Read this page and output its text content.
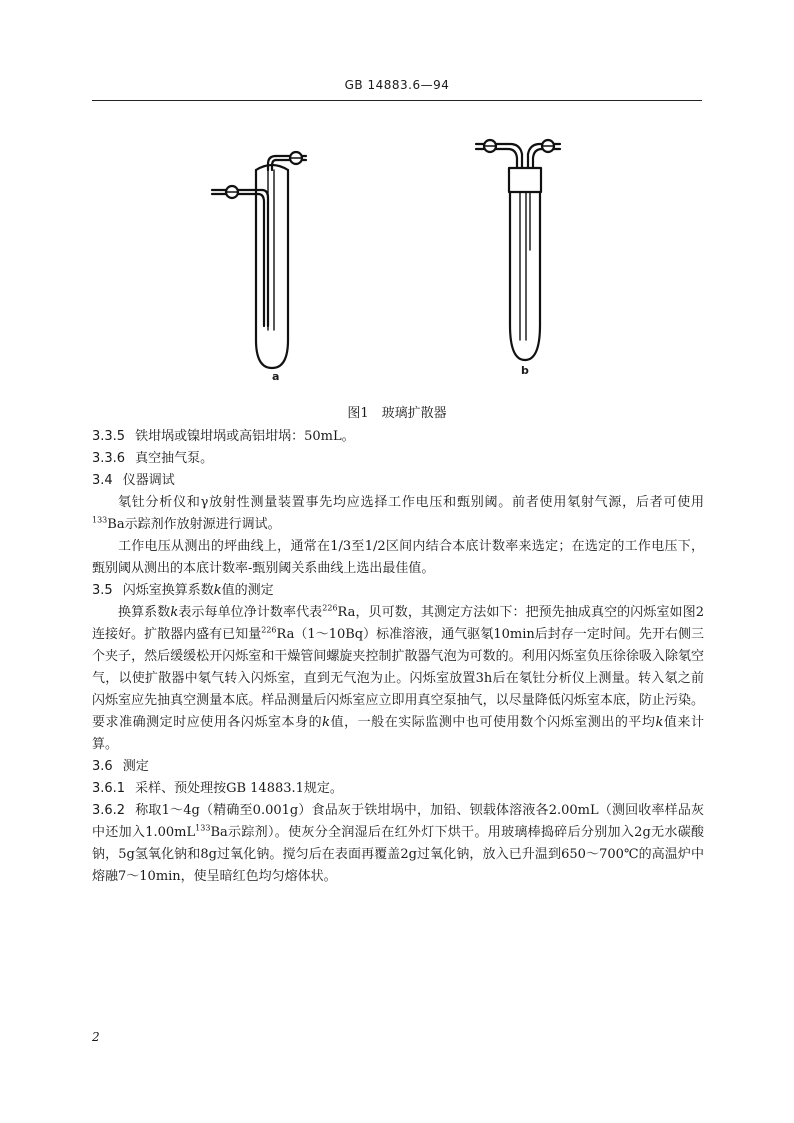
GB 14883.6—94
a	b
图1　玻璃扩散器

3.3.5 铁坩埚或镍坩埚或高铝坩埚：50mL。

3.3.6 真空抽气泵。

3.4 仪器调试

氡钍分析仪和γ放射性测量装置事先均应选择工作电压和甄别阈。前者使用氡射气源，后者可使用$^{133}$Ba示踪剂作放射源进行调试。

工作电压从测出的坪曲线上，通常在1/3至1/2区间内结合本底计数率来选定；在选定的工作电压下，甄别阈从测出的本底计数率-甄别阈关系曲线上选出最佳值。

3.5 闪烁室换算系数k值的测定

换算系数k表示每单位净计数率代表$^{226}$Ra，贝可数，其测定方法如下：把预先抽成真空的闪烁室如图2连接好。扩散器内盛有已知量$^{226}$Ra（1～10Bq）标准溶液，通气驱氡10min后封存一定时间。先开右侧三个夹子，然后缓缓松开闪烁室和干燥管间螺旋夹控制扩散器气泡为可数的。利用闪烁室负压徐徐吸入除氡空气，以使扩散器中氡气转入闪烁室，直到无气泡为止。闪烁室放置3h后在氡钍分析仪上测量。转入氡之前闪烁室应先抽真空测量本底。样品测量后闪烁室应立即用真空泵抽气，以尽量降低闪烁室本底，防止污染。要求准确测定时应使用各闪烁室本身的k值，一般在实际监测中也可使用数个闪烁室测出的平均k值来计算。

3.6 测定

3.6.1 采样、预处理按GB 14883.1规定。

3.6.2 称取1～4g（精确至0.001g）食品灰于铁坩埚中，加铅、钡载体溶液各2.00mL（测回收率样品灰中还加入$1.00mL^{133}Ba$示踪剂）。使灰分全润湿后在红外灯下烘干。用玻璃棒捣碎后分别加入2g无水碳酸钠，5g氢氧化钠和8g过氧化钠。搅匀后在表面再覆盖2g过氧化钠，放入已升温到650～700℃的高温炉中熔融7～10min，使呈暗红色均匀熔体状。

2
